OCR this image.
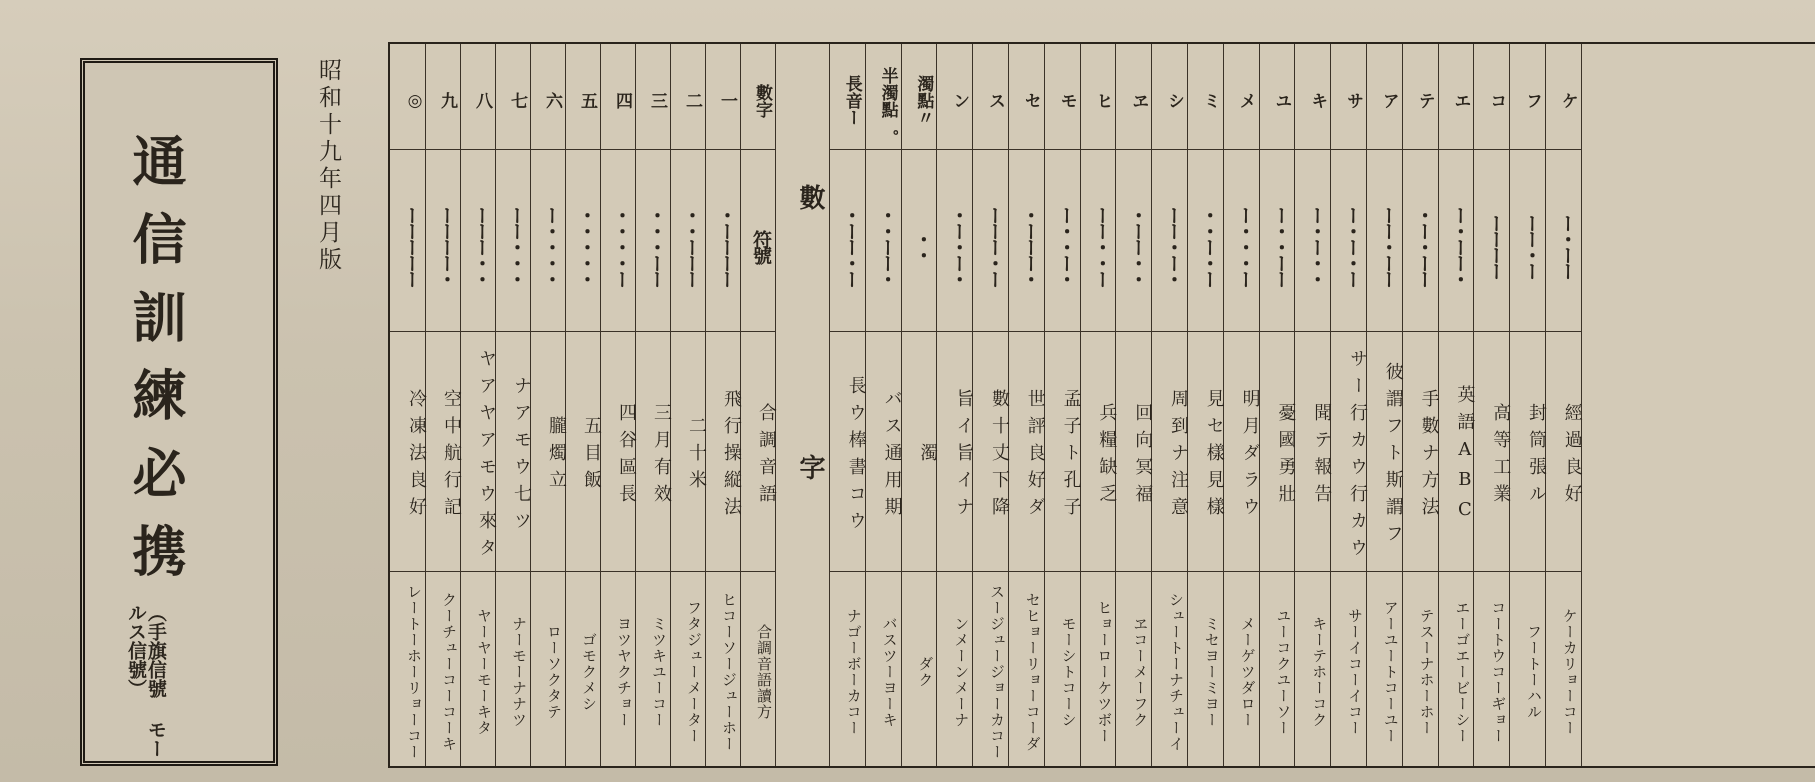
通信訓練必携
（手旗信號 モールス信號）
昭和十九年四月版	數字
符號
合調音語
合調音語讀方
一
・ーーーー
飛行操縦法
ヒコーソージューホー
二
・・ーーー
二十米
フタジューメーター
三
・・・ーー
三月有效
ミツキユーコー
四
・・・・ー
四谷區長
ヨツヤクチョー
五
・・・・・
五目飯
ゴモクメシ
六
ー・・・・
朧燭立
ローソクタテ
七
ーー・・・
ナアモウ七ツ
ナーモーナナツ
八
ーーー・・
ヤアヤアモウ來タ
ヤーヤーモーキタ
九
ーーーー・
空中航行記
クーチューコーコーキ
◎
ーーーーー
冷凍法良好
レートーホーリョーコー
數
字
ケ
ー・ーー
經過良好
ケーカリョーコー
フ
ーー・ー
封筒張ル
フートーハル
コ
ーーーー
高等工業
コートウコーギョー
エ
ー・ーー・
英語ABC
エーゴエービーシー
テ
・ー・ーー
手數ナ方法
テスーナホーホー
ア
ーー・ーー
彼謂フト斯謂フ
アーユートコーユー
サ
ー・ー・ー
サー行カウ行カウ
サーイコーイコー
キ
ー・ー・・
聞テ報告
キーテホーコク
ユ
ー・・ーー
憂國勇壯
ユーコクユーソー
メ
ー・・・ー
明月ダラウ
メーゲツダロー
ミ
・・ー・ー
見セ樣見樣
ミセヨーミヨー
シ
ーー・ー・
周到ナ注意
シュートーナチューイ
ヱ
・ーー・・
回向冥福
ヱコーメーフク
ヒ
ーー・・ー
兵糧缺乏
ヒョーローケツボー
モ
ー・・ー・
孟子ト孔子
モーシトコーシ
セ
・ーーー・
世評良好ダ
セヒョーリョーコーダ
ス
ーーー・ー
數十丈下降
スージュージョーカコー
ン
・ー・ー・
旨イ旨イナ
ンメーンメーナ
濁點〃
・・
濁
ダク
半濁點゜
・・ーー・
バス通用期
バスツーヨーキ
長音ー
・ーー・ー
長ウ棒書コウ
ナゴーボーカコー
